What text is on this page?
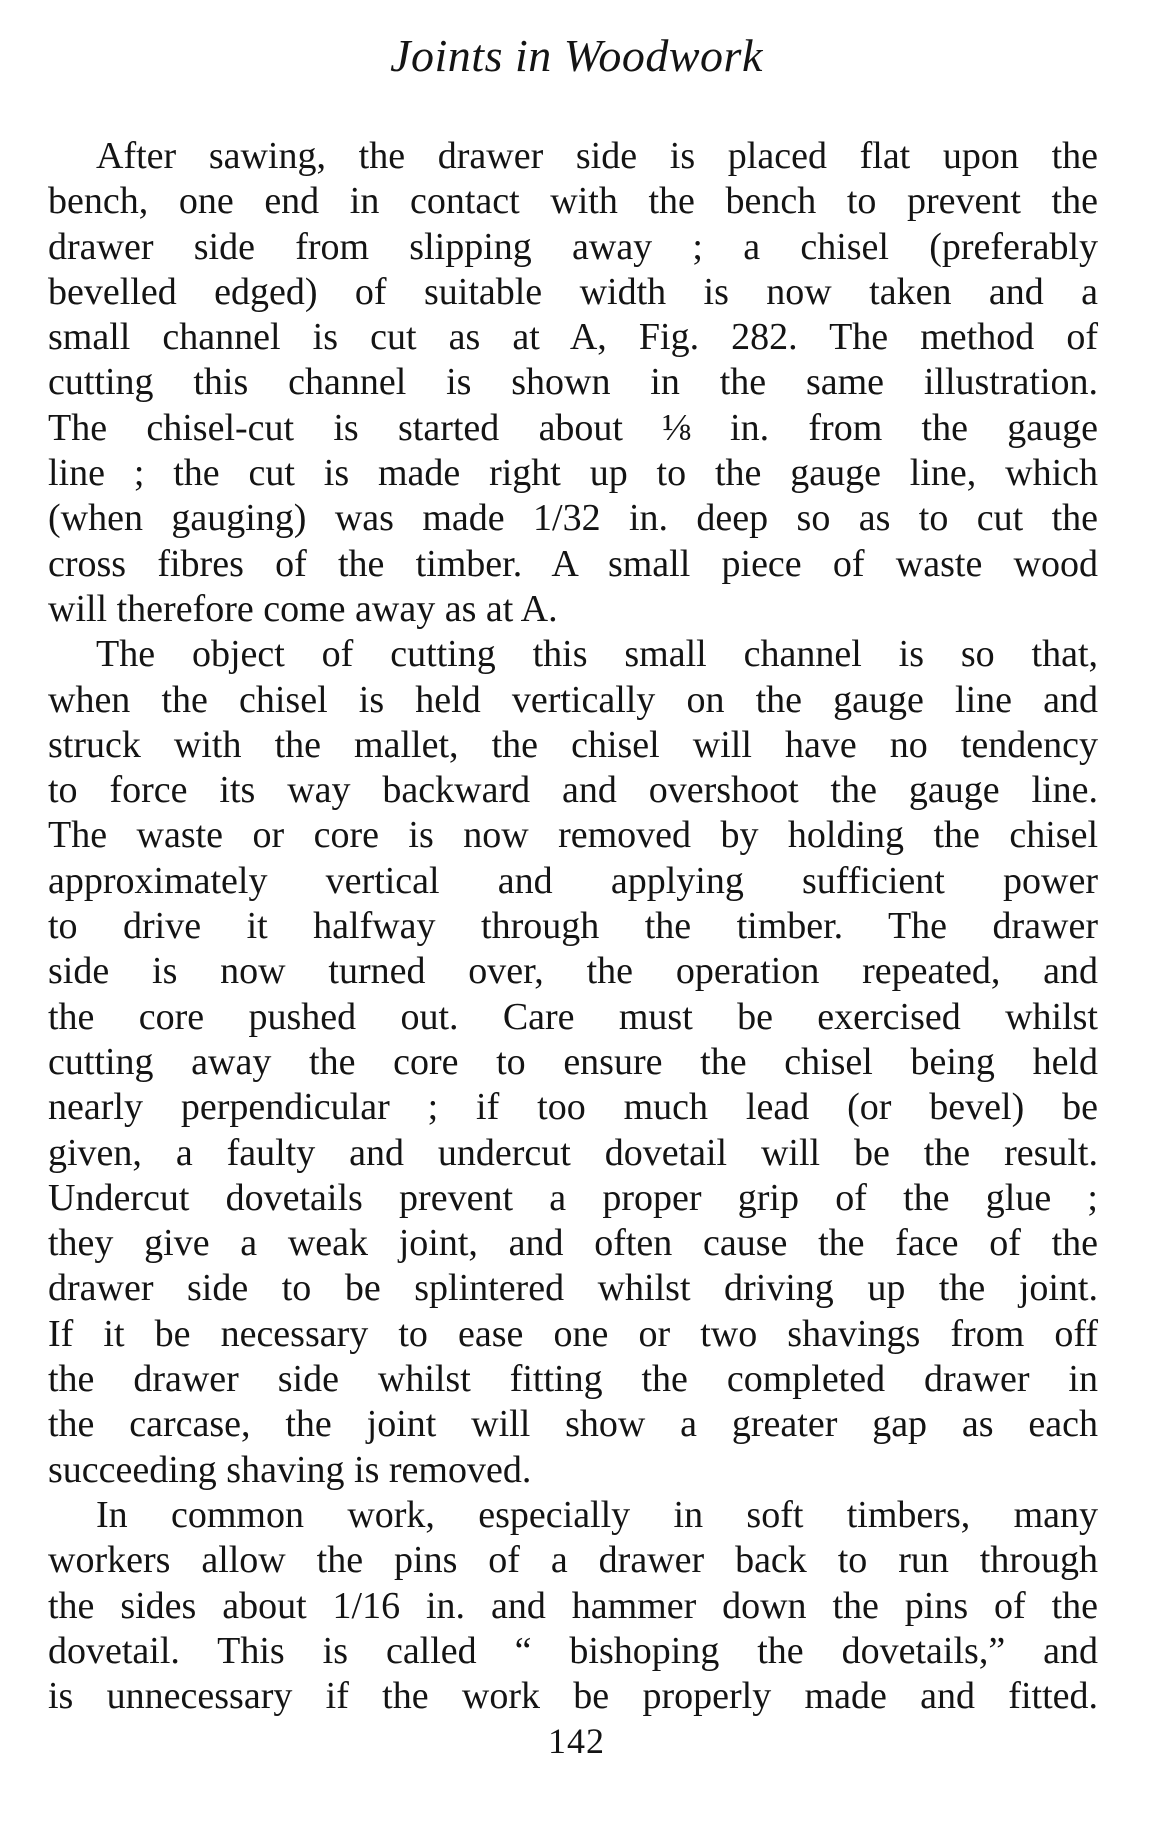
Joints in Woodwork
After sawing, the drawer side is placed flat upon the
bench, one end in contact with the bench to prevent the
drawer side from slipping away ; a chisel (preferably
bevelled edged) of suitable width is now taken and a
small channel is cut as at A, Fig. 282. The method of
cutting this channel is shown in the same illustration.
The chisel-cut is started about ⅛ in. from the gauge
line ; the cut is made right up to the gauge line, which
(when gauging) was made 1/32 in. deep so as to cut the
cross fibres of the timber. A small piece of waste wood
will therefore come away as at A.
The object of cutting this small channel is so that,
when the chisel is held vertically on the gauge line and
struck with the mallet, the chisel will have no tendency
to force its way backward and overshoot the gauge line.
The waste or core is now removed by holding the chisel
approximately vertical and applying sufficient power
to drive it halfway through the timber. The drawer
side is now turned over, the operation repeated, and
the core pushed out. Care must be exercised whilst
cutting away the core to ensure the chisel being held
nearly perpendicular ; if too much lead (or bevel) be
given, a faulty and undercut dovetail will be the result.
Undercut dovetails prevent a proper grip of the glue ;
they give a weak joint, and often cause the face of the
drawer side to be splintered whilst driving up the joint.
If it be necessary to ease one or two shavings from off
the drawer side whilst fitting the completed drawer in
the carcase, the joint will show a greater gap as each
succeeding shaving is removed.
In common work, especially in soft timbers, many
workers allow the pins of a drawer back to run through
the sides about 1/16 in. and hammer down the pins of the
dovetail. This is called “ bishoping the dovetails,” and
is unnecessary if the work be properly made and fitted.
142
